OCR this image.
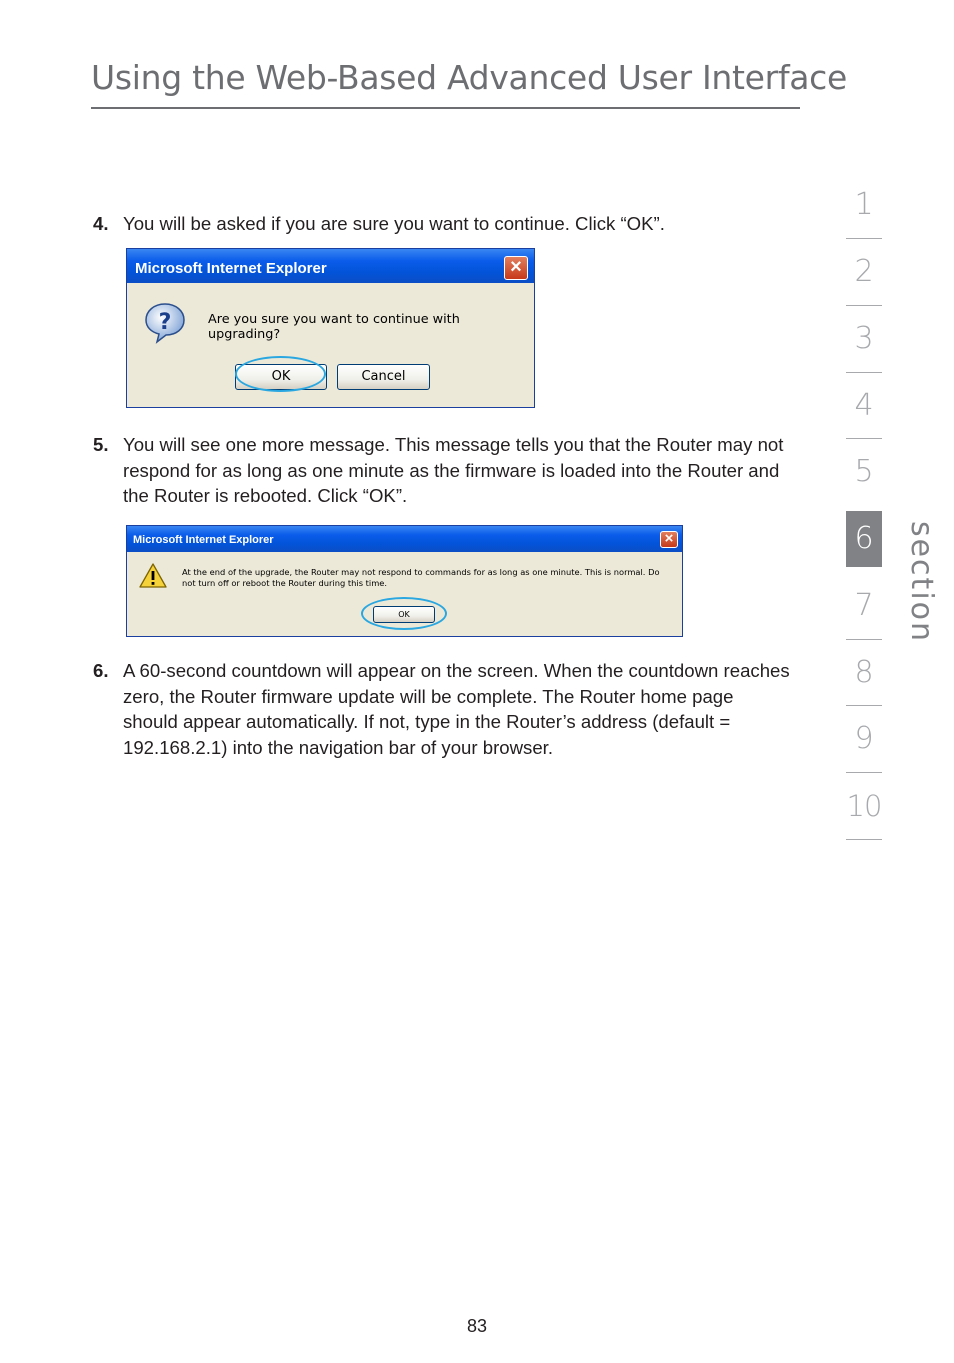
Using the Web-Based Advanced User Interface
4. You will be asked if you are sure you want to continue. Click “OK”.
Microsoft Internet Explorer	×
?	Are you sure you want to continue with upgrading?
OK	Cancel
5. You will see one more message. This message tells you that the Router may not respond for as long as one minute as the firmware is loaded into the Router and the Router is rebooted. Click “OK”.
Microsoft Internet Explorer	×
At the end of the upgrade, the Router may not respond to commands for as long as one minute. This is normal. Do
not turn off or reboot the Router during this time.
OK
6. A 60-second countdown will appear on the screen. When the countdown reaches zero, the Router firmware update will be complete. The Router home page should appear automatically. If not, type in the Router’s address (default = 192.168.2.1) into the navigation bar of your browser.
1
2
3
4
5
6
7
8
9
10
section
83
